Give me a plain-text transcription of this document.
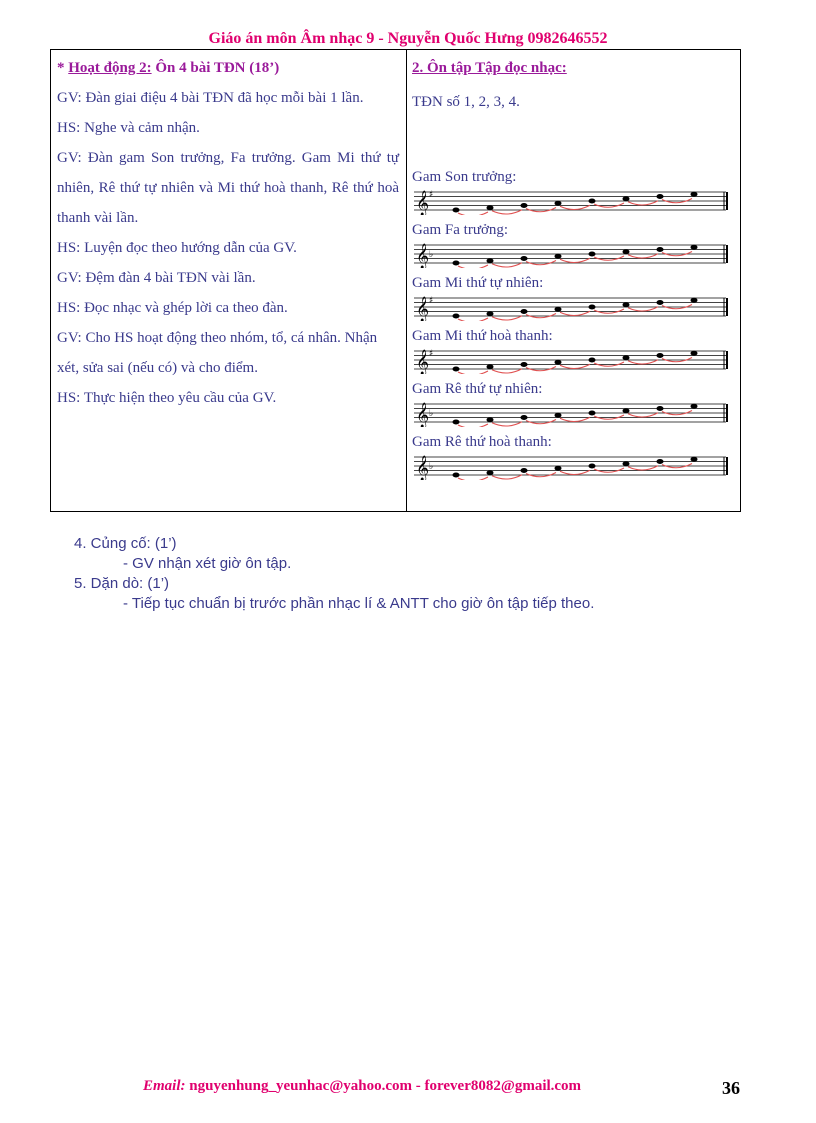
Giáo án môn Âm nhạc 9 - Nguyễn Quốc Hưng 0982646552
* Hoạt động 2: Ôn 4 bài TĐN (18’)
GV: Đàn giai điệu 4 bài TĐN đã học mỗi bài 1 lần.
HS: Nghe và cảm nhận.
GV: Đàn gam Son trưởng, Fa trưởng. Gam Mi thứ tự nhiên, Rê thứ tự nhiên và Mi thứ hoà thanh, Rê thứ hoà thanh vài lần.
HS: Luyện đọc theo hướng dẫn của GV.
GV: Đệm đàn 4 bài TĐN vài lần.
HS: Đọc nhạc và ghép lời ca theo đàn.
GV: Cho HS hoạt động theo nhóm, tổ, cá nhân. Nhận xét, sửa sai (nếu có) và cho điểm.
HS: Thực hiện theo yêu cầu của GV.
2. Ôn tập Tập đọc nhạc:
TĐN số 1, 2, 3, 4.
Gam Son trưởng:
𝄞 ♯
Gam Fa trưởng:
𝄞 ♭
Gam Mi thứ tự nhiên:
𝄞 ♯
Gam Mi thứ hoà thanh:
𝄞 ♯
Gam Rê thứ tự nhiên:
𝄞 ♭
Gam Rê thứ hoà thanh:
𝄞 ♭
4. Củng cố: (1’)
- GV nhận xét giờ ôn tập.
5. Dặn dò: (1’)
- Tiếp tục chuẩn bị trước phần nhạc lí & ANTT cho giờ ôn tập tiếp theo.
Email: nguyenhung_yeunhac@yahoo.com - forever8082@gmail.com	36
